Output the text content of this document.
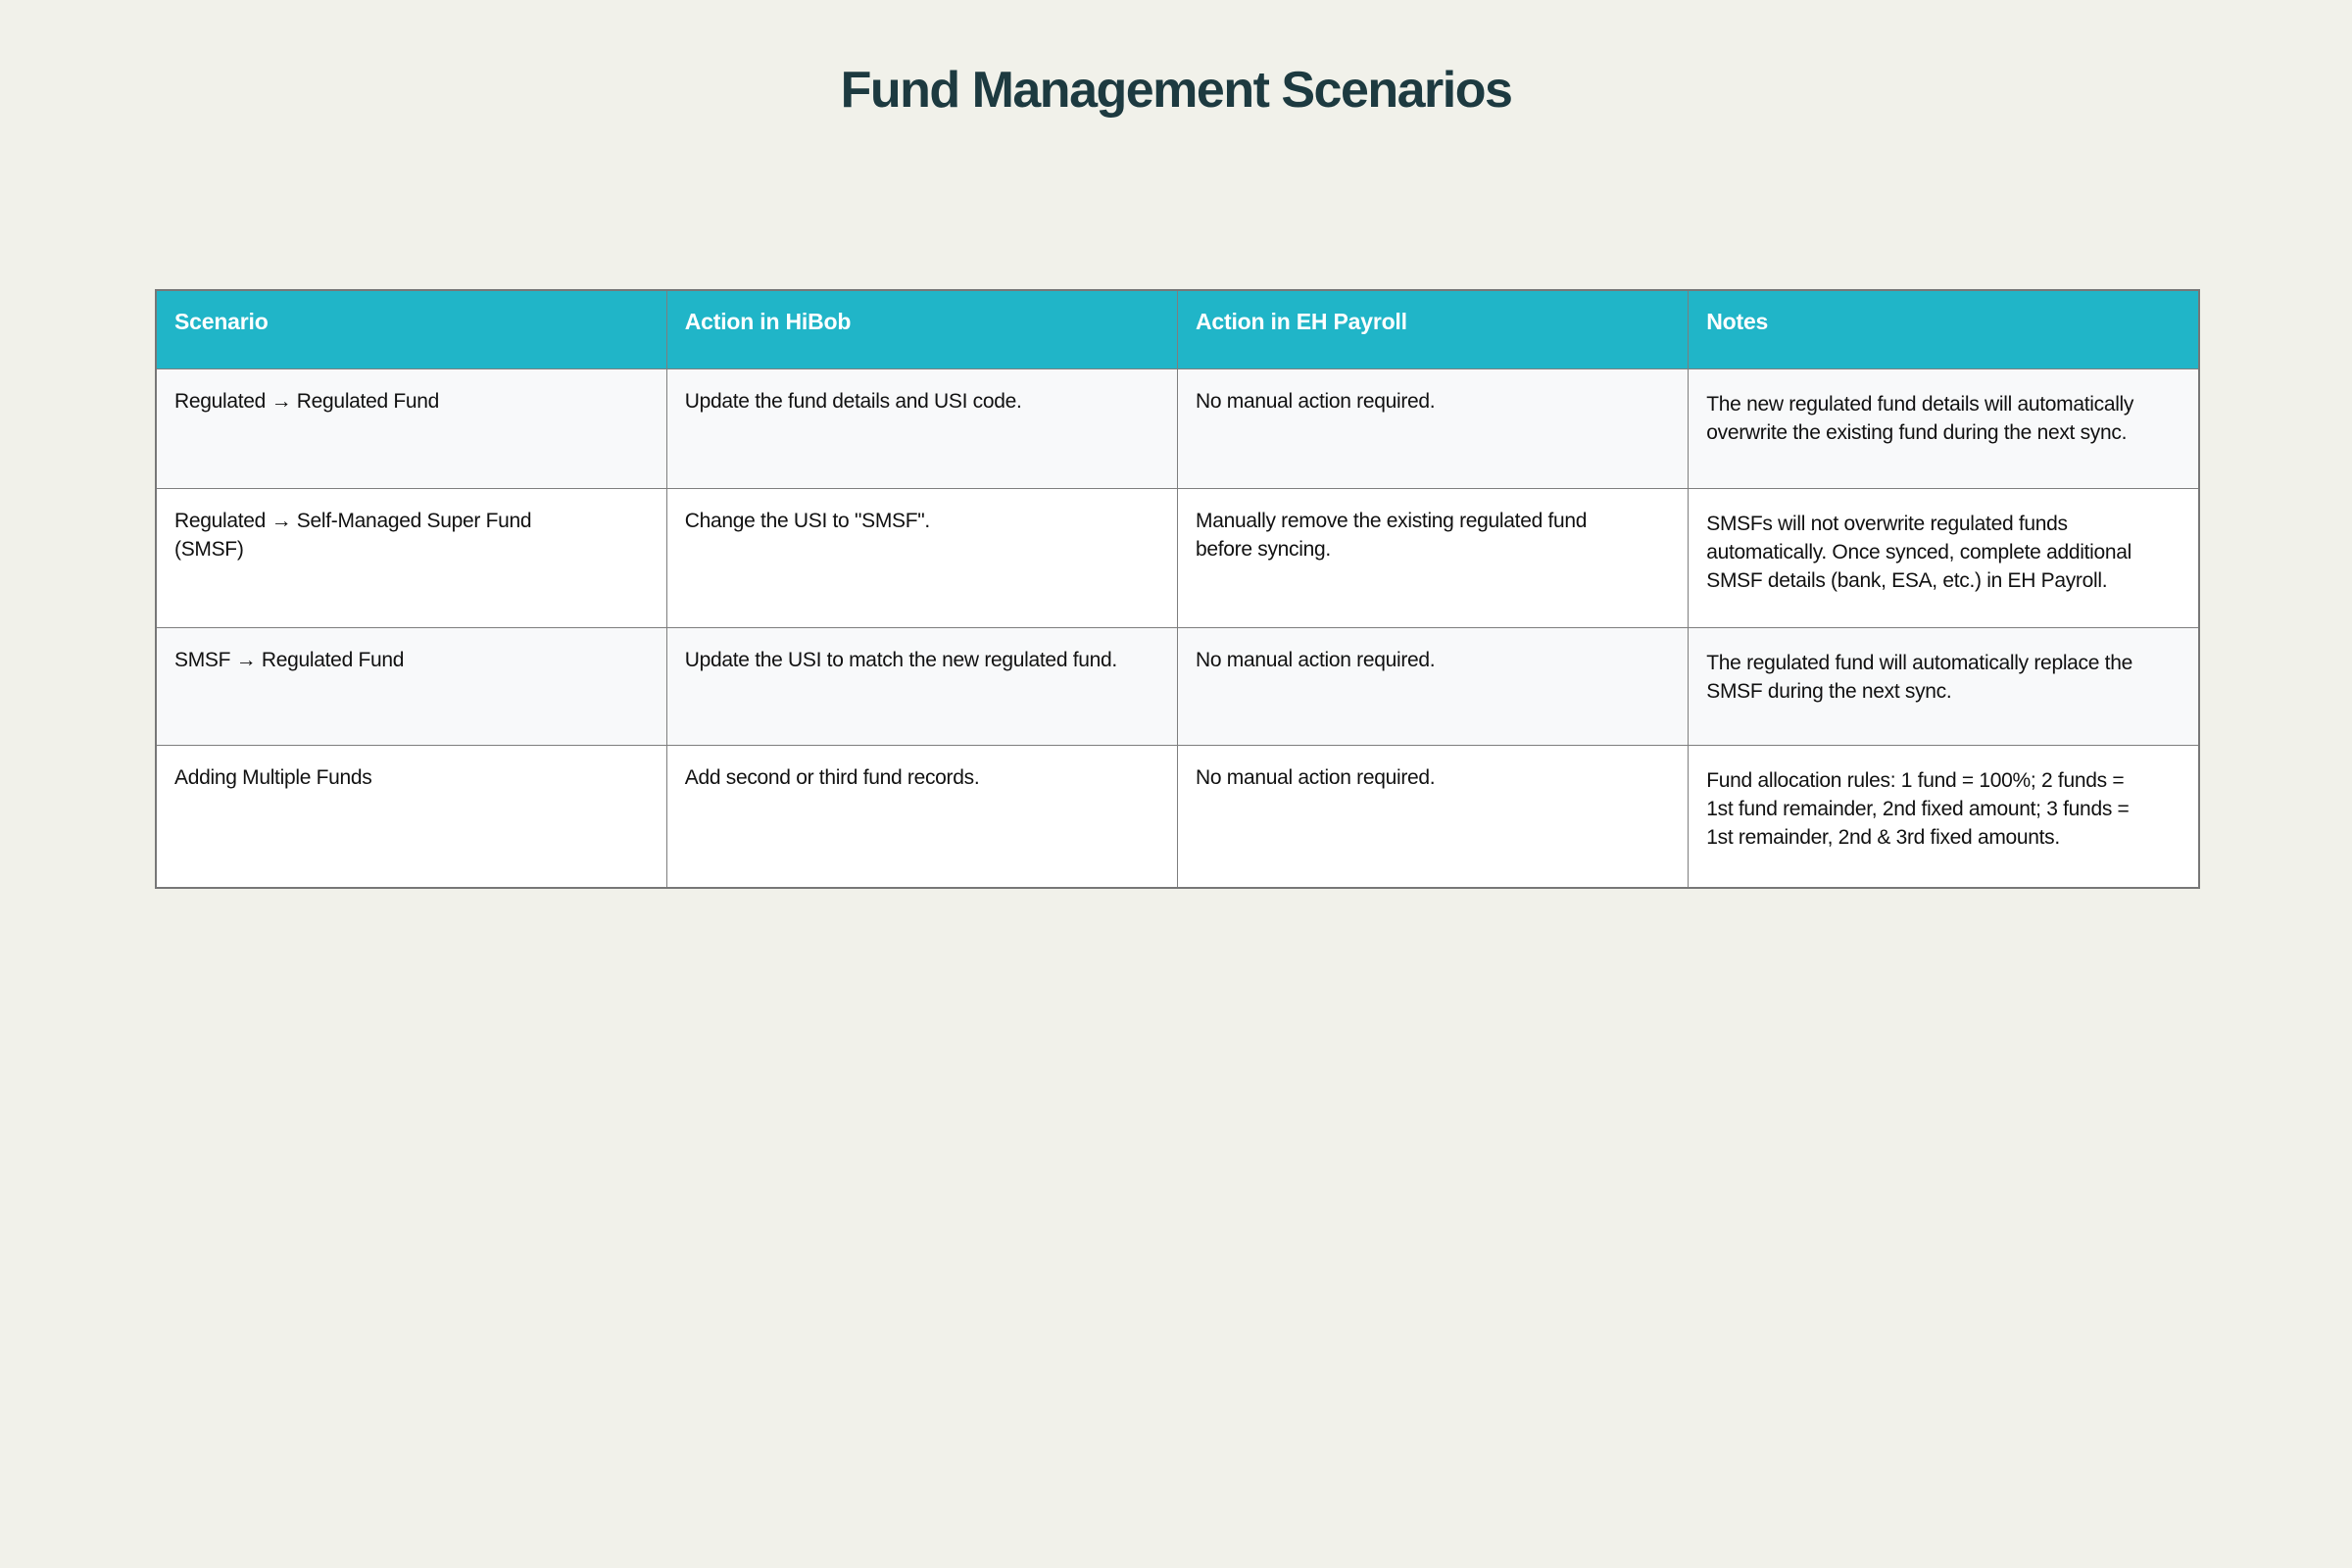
Fund Management Scenarios
Scenario	Action in HiBob	Action in EH Payroll	Notes
Regulated → Regulated Fund	Update the fund details and USI code.	No manual action required.	The new regulated fund details will automatically overwrite the existing fund during the next sync.
Regulated → Self-Managed Super Fund (SMSF)	Change the USI to "SMSF".	Manually remove the existing regulated fund before syncing.	SMSFs will not overwrite regulated funds automatically. Once synced, complete additional SMSF details (bank, ESA, etc.) in EH Payroll.
SMSF → Regulated Fund	Update the USI to match the new regulated fund.	No manual action required.	The regulated fund will automatically replace the SMSF during the next sync.
Adding Multiple Funds	Add second or third fund records.	No manual action required.	Fund allocation rules: 1 fund = 100%; 2 funds = 1st fund remainder, 2nd fixed amount; 3 funds = 1st remainder, 2nd & 3rd fixed amounts.
